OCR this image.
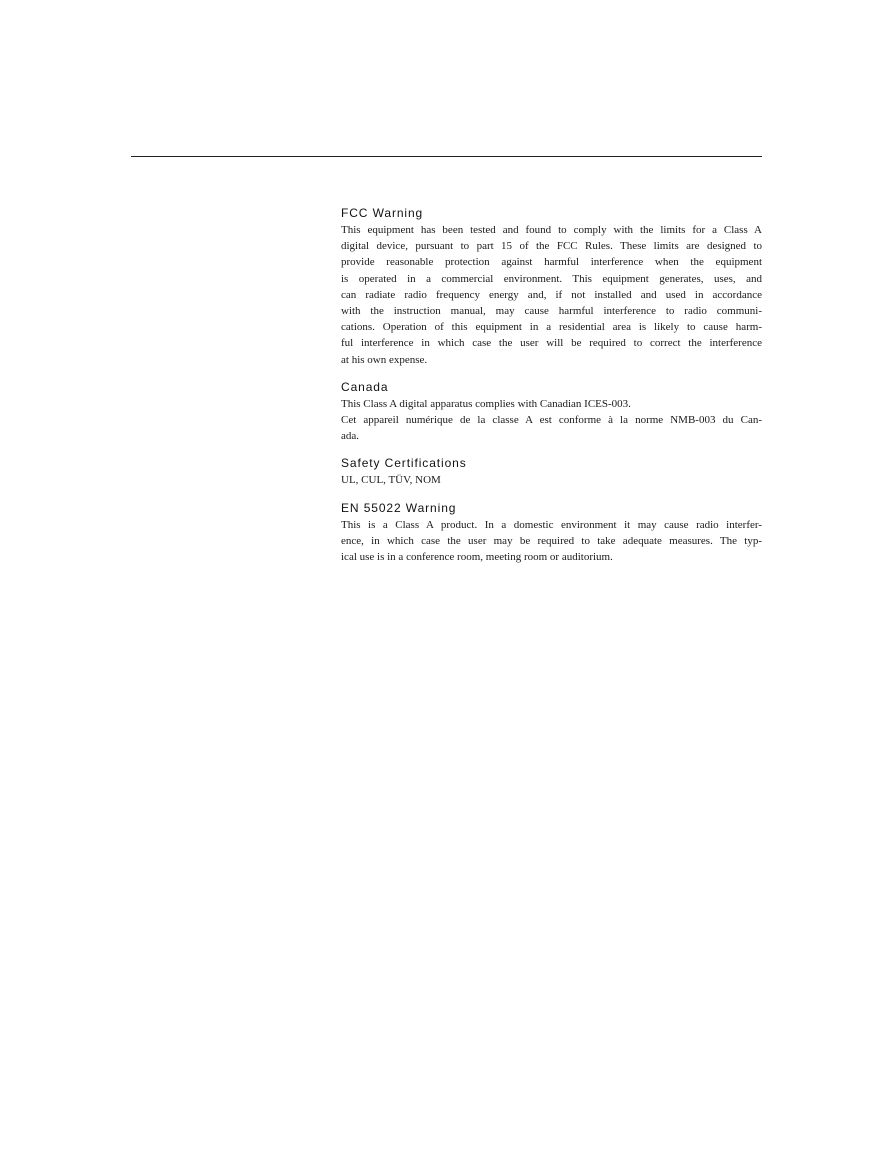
FCC Warning
This equipment has been tested and found to comply with the limits for a Class A
digital device, pursuant to part 15 of the FCC Rules. These limits are designed to
provide reasonable protection against harmful interference when the equipment
is operated in a commercial environment. This equipment generates, uses, and
can radiate radio frequency energy and, if not installed and used in accordance
with the instruction manual, may cause harmful interference to radio communi-
cations. Operation of this equipment in a residential area is likely to cause harm-
ful interference in which case the user will be required to correct the interference
at his own expense.
Canada
This Class A digital apparatus complies with Canadian ICES-003.
Cet appareil numérique de la classe A est conforme à la norme NMB-003 du Can-
ada.
Safety Certifications
UL, CUL, TÜV, NOM
EN 55022 Warning
This is a Class A product. In a domestic environment it may cause radio interfer-
ence, in which case the user may be required to take adequate measures. The typ-
ical use is in a conference room, meeting room or auditorium.
